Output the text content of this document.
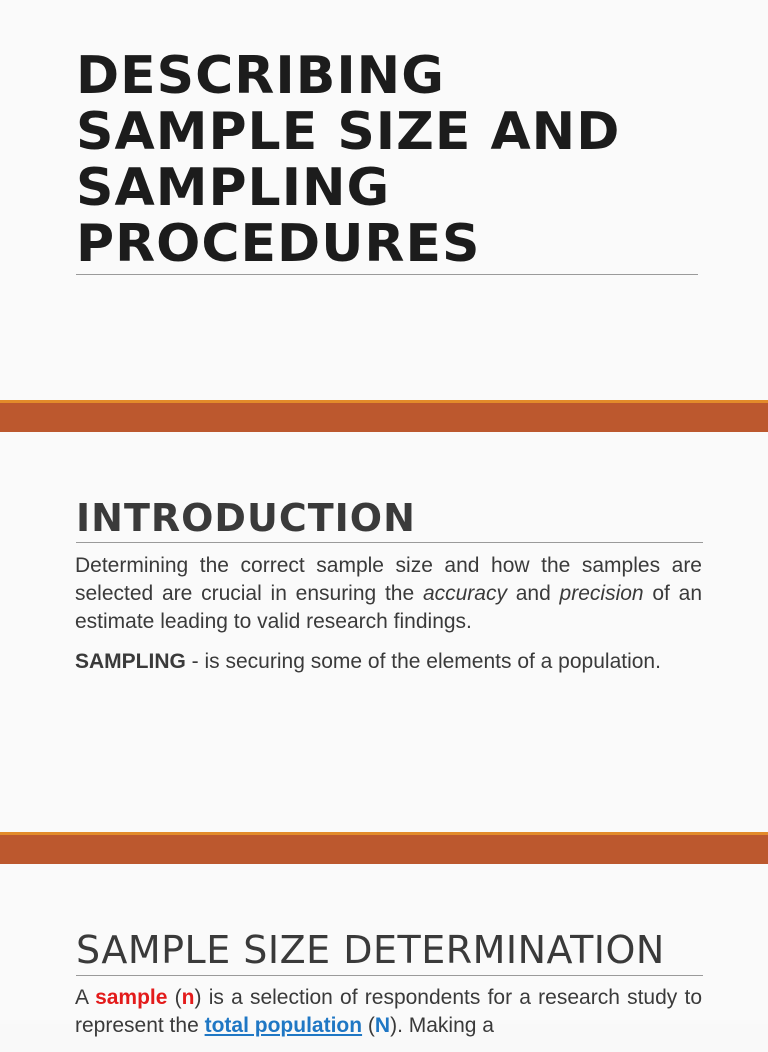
DESCRIBING
SAMPLE SIZE AND
SAMPLING
PROCEDURES
INTRODUCTION

Determining the correct sample size and how the samples are selected are crucial in ensuring the accuracy and precision of an estimate leading to valid research findings.

SAMPLING - is securing some of the elements of a population.

SAMPLE SIZE DETERMINATION

A sample (n) is a selection of respondents for a research study to represent the total population (N). Making a
